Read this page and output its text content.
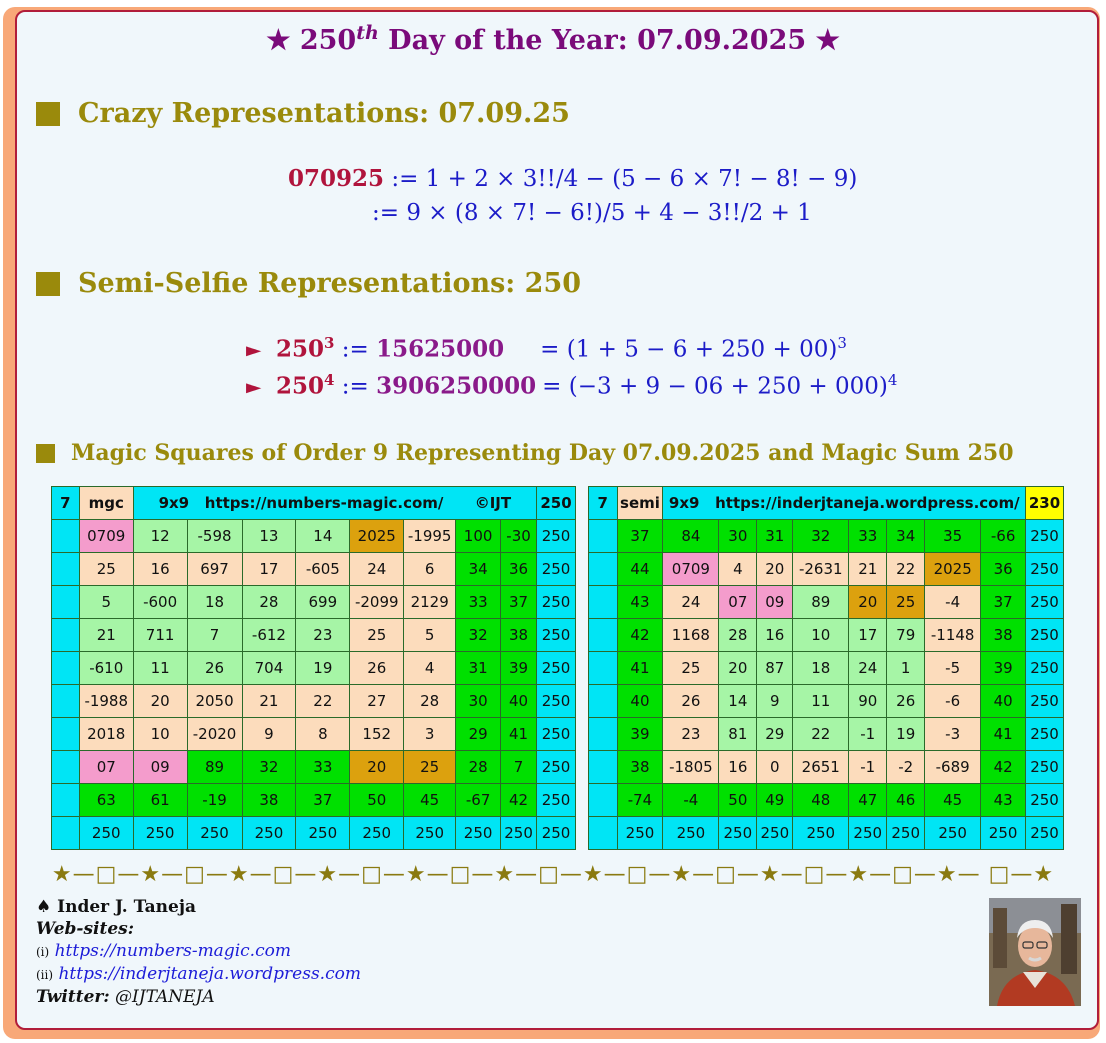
★ 250th Day of the Year: 07.09.2025 ★
Crazy Representations: 07.09.25
070925 := 1 + 2 × 3!!/4 − (5 − 6 × 7! − 8! − 9)
:= 9 × (8 × 7! − 6!)/5 + 4 − 3!!/2 + 1
Semi-Selfie Representations: 250
► $250^3$ := $15625000 = (1 + 5 - 6 + 250 + 00)^3$
► $250^4$ := $3906250000 = (-3 + 9 - 06 + 250 + 000)^4$
Magic Squares of Order 9 Representing Day 07.09.2025 and Magic Sum 250
7	mgc	9x9   https://numbers-magic.com/      ©IJT								250
	0709	12	-598	13	14	2025	-1995	100	-30	250
	25	16	697	17	-605	24	6	34	36	250
	5	-600	18	28	699	-2099	2129	33	37	250
	21	711	7	-612	23	25	5	32	38	250
	-610	11	26	704	19	26	4	31	39	250
	-1988	20	2050	21	22	27	28	30	40	250
	2018	10	-2020	9	8	152	3	29	41	250
	07	09	89	32	33	20	25	28	7	250
	63	61	-19	38	37	50	45	-67	42	250
	250	250	250	250	250	250	250	250	250	250
7	semi	9x9   https://inderjtaneja.wordpress.com/								230
	37	84	30	31	32	33	34	35	-66	250
	44	0709	4	20	-2631	21	22	2025	36	250
	43	24	07	09	89	20	25	-4	37	250
	42	1168	28	16	10	17	79	-1148	38	250
	41	25	20	87	18	24	1	-5	39	250
	40	26	14	9	11	90	26	-6	40	250
	39	23	81	29	22	-1	19	-3	41	250
	38	-1805	16	0	2651	-1	-2	-689	42	250
	-74	-4	50	49	48	47	46	45	43	250
	250	250	250	250	250	250	250	250	250	250
★—□—★—□—★—□—★—□—★—□—★—□—★—□—★—□—★—□—★—□—★— □—★
♠ Inder J. Taneja
Web-sites:
(i) https://numbers-magic.com
(ii) https://inderjtaneja.wordpress.com
Twitter: @IJTANEJA
